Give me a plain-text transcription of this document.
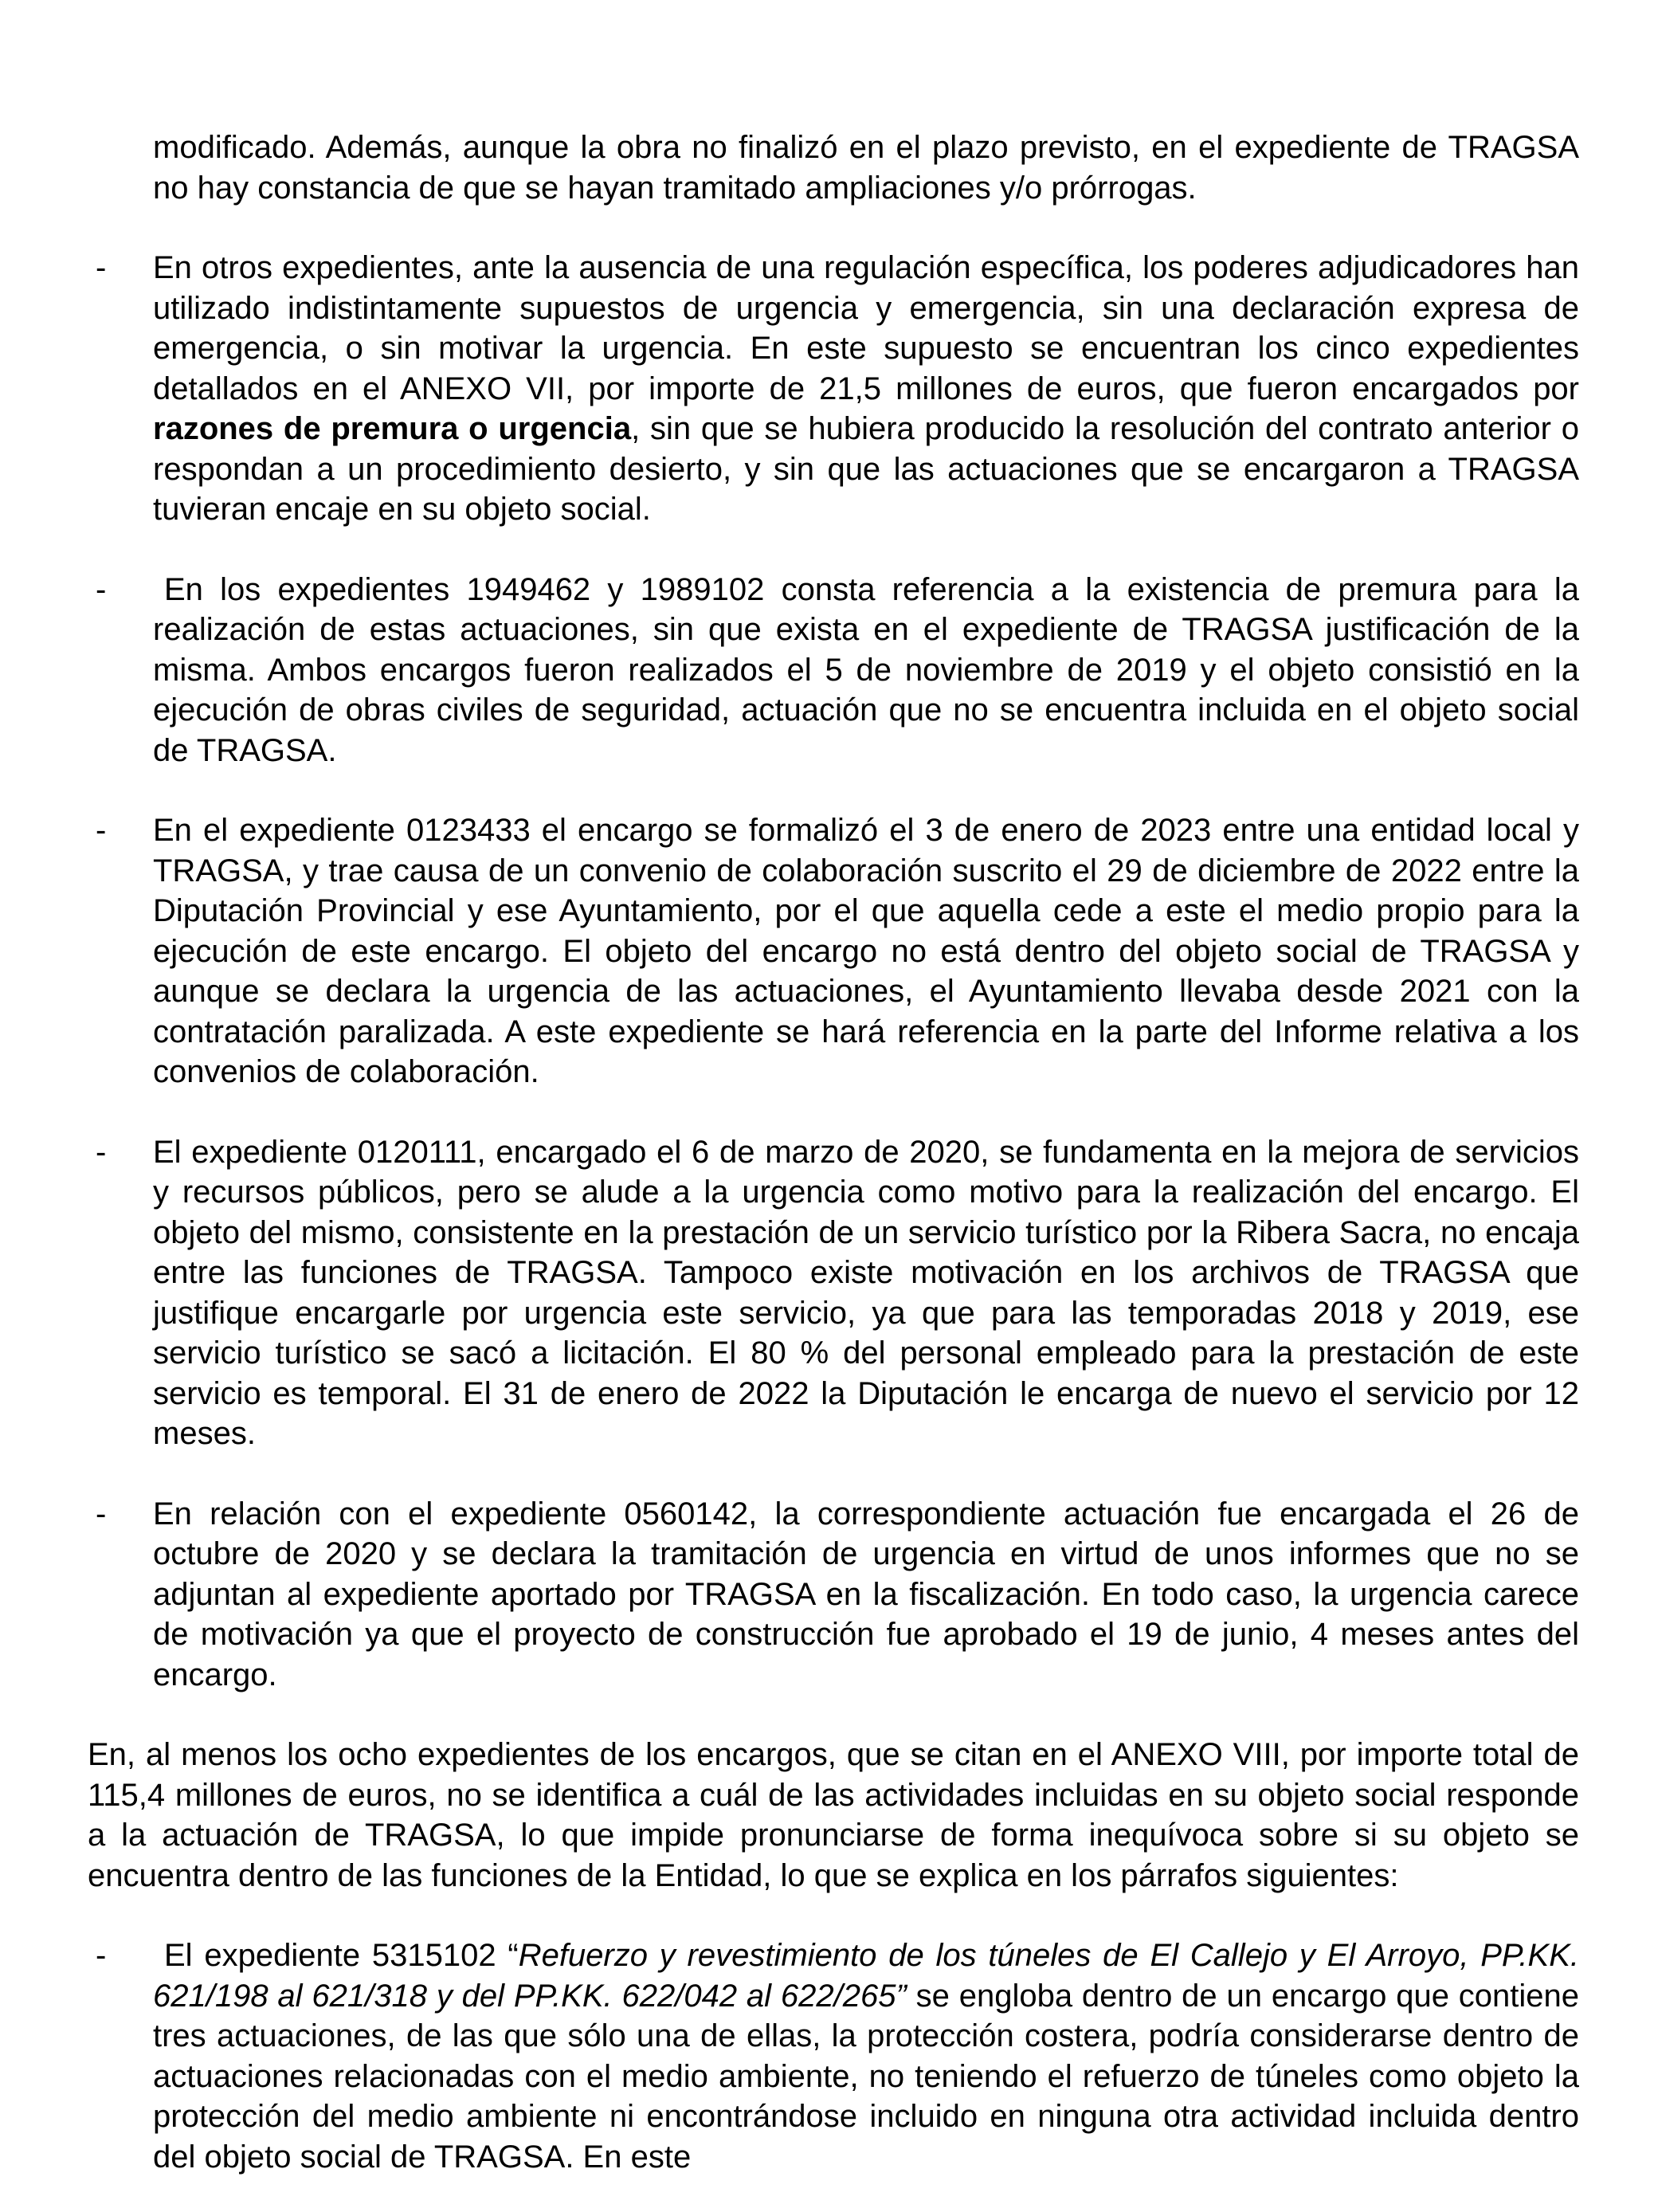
modificado. Además, aunque la obra no finalizó en el plazo previsto, en el expediente de TRAGSA no hay constancia de que se hayan tramitado ampliaciones y/o prórrogas.

- En otros expedientes, ante la ausencia de una regulación específica, los poderes adjudicadores han utilizado indistintamente supuestos de urgencia y emergencia, sin una declaración expresa de emergencia, o sin motivar la urgencia. En este supuesto se encuentran los cinco expedientes detallados en el ANEXO VII, por importe de 21,5 millones de euros, que fueron encargados por razones de premura o urgencia, sin que se hubiera producido la resolución del contrato anterior o respondan a un procedimiento desierto, y sin que las actuaciones que se encargaron a TRAGSA tuvieran encaje en su objeto social.

- En los expedientes 1949462 y 1989102 consta referencia a la existencia de premura para la realización de estas actuaciones, sin que exista en el expediente de TRAGSA justificación de la misma. Ambos encargos fueron realizados el 5 de noviembre de 2019 y el objeto consistió en la ejecución de obras civiles de seguridad, actuación que no se encuentra incluida en el objeto social de TRAGSA.

- En el expediente 0123433 el encargo se formalizó el 3 de enero de 2023 entre una entidad local y TRAGSA, y trae causa de un convenio de colaboración suscrito el 29 de diciembre de 2022 entre la Diputación Provincial y ese Ayuntamiento, por el que aquella cede a este el medio propio para la ejecución de este encargo. El objeto del encargo no está dentro del objeto social de TRAGSA y aunque se declara la urgencia de las actuaciones, el Ayuntamiento llevaba desde 2021 con la contratación paralizada. A este expediente se hará referencia en la parte del Informe relativa a los convenios de colaboración.

- El expediente 0120111, encargado el 6 de marzo de 2020, se fundamenta en la mejora de servicios y recursos públicos, pero se alude a la urgencia como motivo para la realización del encargo. El objeto del mismo, consistente en la prestación de un servicio turístico por la Ribera Sacra, no encaja entre las funciones de TRAGSA. Tampoco existe motivación en los archivos de TRAGSA que justifique encargarle por urgencia este servicio, ya que para las temporadas 2018 y 2019, ese servicio turístico se sacó a licitación. El 80 % del personal empleado para la prestación de este servicio es temporal. El 31 de enero de 2022 la Diputación le encarga de nuevo el servicio por 12 meses.

- En relación con el expediente 0560142, la correspondiente actuación fue encargada el 26 de octubre de 2020 y se declara la tramitación de urgencia en virtud de unos informes que no se adjuntan al expediente aportado por TRAGSA en la fiscalización. En todo caso, la urgencia carece de motivación ya que el proyecto de construcción fue aprobado el 19 de junio, 4 meses antes del encargo.

En, al menos los ocho expedientes de los encargos, que se citan en el ANEXO VIII, por importe total de 115,4 millones de euros, no se identifica a cuál de las actividades incluidas en su objeto social responde a la actuación de TRAGSA, lo que impide pronunciarse de forma inequívoca sobre si su objeto se encuentra dentro de las funciones de la Entidad, lo que se explica en los párrafos siguientes:

- El expediente 5315102 “Refuerzo y revestimiento de los túneles de El Callejo y El Arroyo, PP.KK. 621/198 al 621/318 y del PP.KK. 622/042 al 622/265” se engloba dentro de un encargo que contiene tres actuaciones, de las que sólo una de ellas, la protección costera, podría considerarse dentro de actuaciones relacionadas con el medio ambiente, no teniendo el refuerzo de túneles como objeto la protección del medio ambiente ni encontrándose incluido en ninguna otra actividad incluida dentro del objeto social de TRAGSA. En este
